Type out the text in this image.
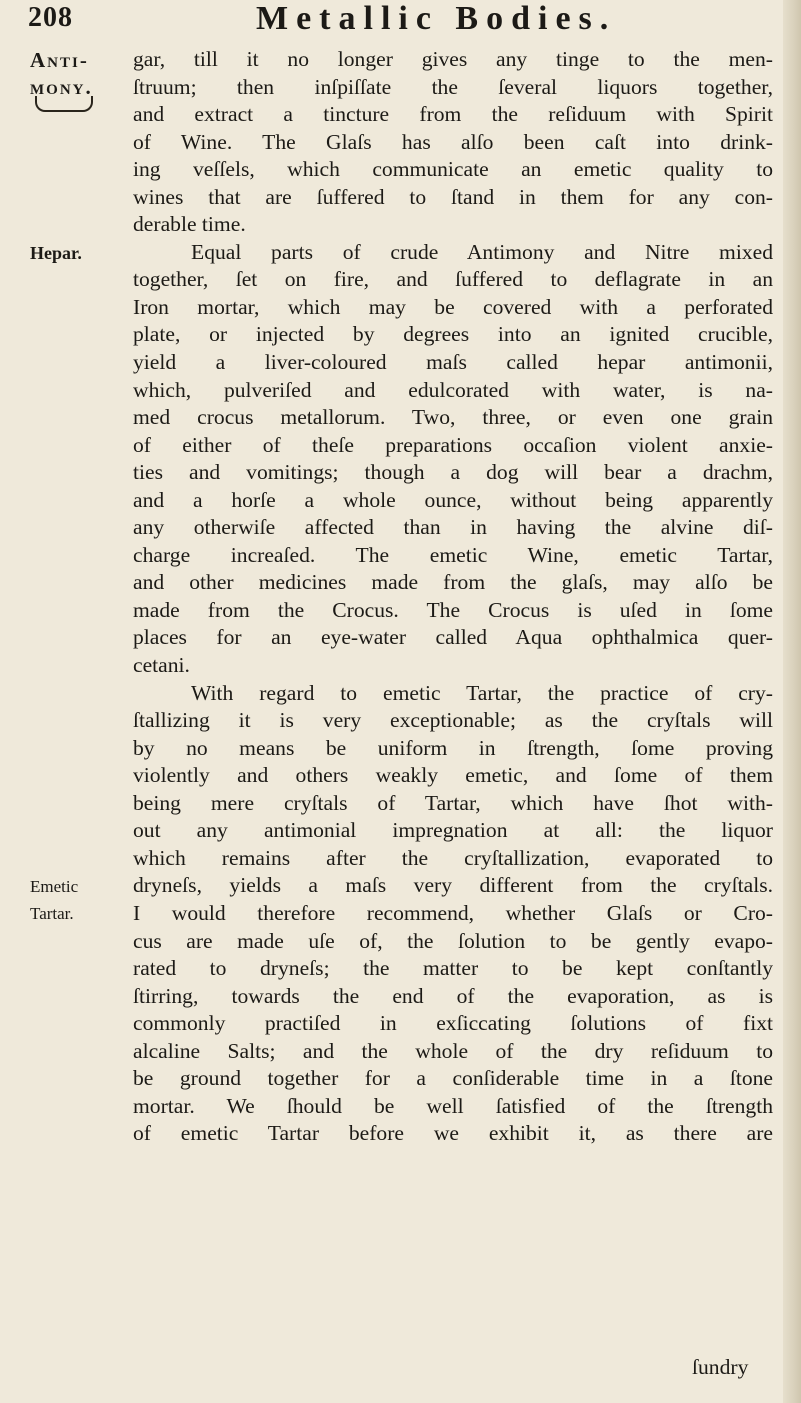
208	Metallic Bodies.
Anti-
mony.
Hepar.
Emetic
Tartar.
gar, till it no longer gives any tinge to the men-
ſtruum; then inſpiſſate the ſeveral liquors together,
and extract a tincture from the reſiduum with Spirit
of Wine. The Glaſs has alſo been caſt into drink-
ing veſſels, which communicate an emetic quality to
wines that are ſuffered to ſtand in them for any con-
derable time.
Equal parts of crude Antimony and Nitre mixed
together, ſet on fire, and ſuffered to deflagrate in an
Iron mortar, which may be covered with a perforated
plate, or injected by degrees into an ignited crucible,
yield a liver-coloured maſs called hepar antimonii,
which, pulveriſed and edulcorated with water, is na-
med crocus metallorum. Two, three, or even one grain
of either of theſe preparations occaſion violent anxie-
ties and vomitings; though a dog will bear a drachm,
and a horſe a whole ounce, without being apparently
any otherwiſe affected than in having the alvine diſ-
charge increaſed. The emetic Wine, emetic Tartar,
and other medicines made from the glaſs, may alſo be
made from the Crocus. The Crocus is uſed in ſome
places for an eye-water called Aqua ophthalmica quer-
cetani.
With regard to emetic Tartar, the practice of cry-
ſtallizing it is very exceptionable; as the cryſtals will
by no means be uniform in ſtrength, ſome proving
violently and others weakly emetic, and ſome of them
being mere cryſtals of Tartar, which have ſhot with-
out any antimonial impregnation at all: the liquor
which remains after the cryſtallization, evaporated to
dryneſs, yields a maſs very different from the cryſtals.
I would therefore recommend, whether Glaſs or Cro-
cus are made uſe of, the ſolution to be gently evapo-
rated to dryneſs; the matter to be kept conſtantly
ſtirring, towards the end of the evaporation, as is
commonly practiſed in exſiccating ſolutions of fixt
alcaline Salts; and the whole of the dry reſiduum to
be ground together for a conſiderable time in a ſtone
mortar. We ſhould be well ſatisfied of the ſtrength
of emetic Tartar before we exhibit it, as there are
ſundry
